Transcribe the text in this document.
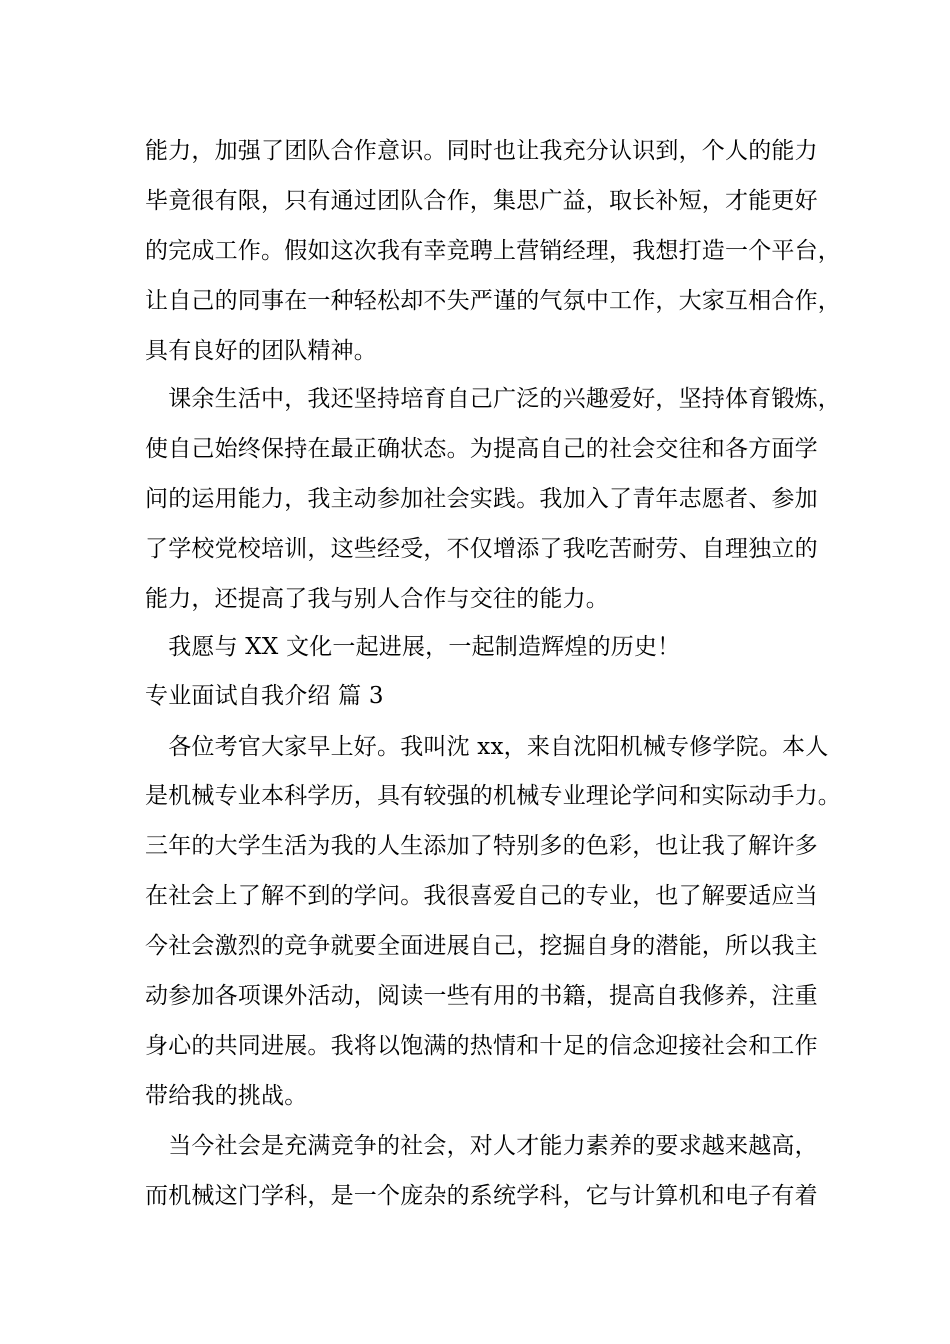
能力，加强了团队合作意识。同时也让我充分认识到，个人的能力
毕竟很有限，只有通过团队合作，集思广益，取长补短，才能更好
的完成工作。假如这次我有幸竞聘上营销经理，我想打造一个平台，
让自己的同事在一种轻松却不失严谨的气氛中工作，大家互相合作，
具有良好的团队精神。
　课余生活中，我还坚持培育自己广泛的兴趣爱好，坚持体育锻炼，
使自己始终保持在最正确状态。为提高自己的社会交往和各方面学
问的运用能力，我主动参加社会实践。我加入了青年志愿者、参加
了学校党校培训，这些经受，不仅增添了我吃苦耐劳、自理独立的
能力，还提高了我与别人合作与交往的能力。
　我愿与 XX 文化一起进展，一起制造辉煌的历史！
专业面试自我介绍 篇 3
　各位考官大家早上好。我叫沈 xx，来自沈阳机械专修学院。本人
是机械专业本科学历，具有较强的机械专业理论学问和实际动手力。
三年的大学生活为我的人生添加了特别多的色彩，也让我了解许多
在社会上了解不到的学问。我很喜爱自己的专业，也了解要适应当
今社会激烈的竞争就要全面进展自己，挖掘自身的潜能，所以我主
动参加各项课外活动，阅读一些有用的书籍，提高自我修养，注重
身心的共同进展。我将以饱满的热情和十足的信念迎接社会和工作
带给我的挑战。
　当今社会是充满竞争的社会，对人才能力素养的要求越来越高，
而机械这门学科，是一个庞杂的系统学科，它与计算机和电子有着
